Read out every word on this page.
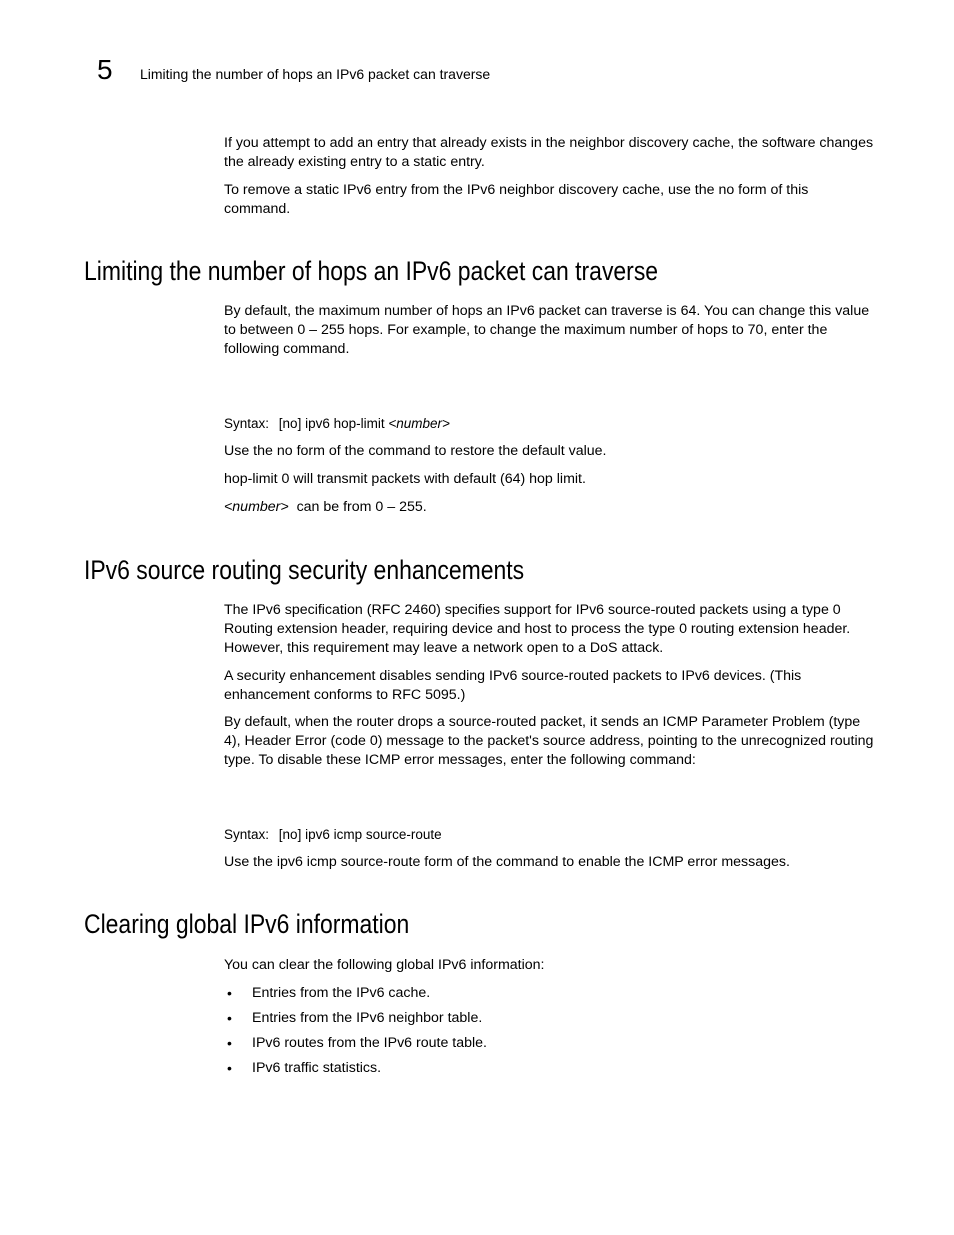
5 Limiting the number of hops an IPv6 packet can traverse

If you attempt to add an entry that already exists in the neighbor discovery cache, the software changes the already existing entry to a static entry.

To remove a static IPv6 entry from the IPv6 neighbor discovery cache, use the no form of this command.

Limiting the number of hops an IPv6 packet can traverse

By default, the maximum number of hops an IPv6 packet can traverse is 64. You can change this value to between 0 – 255 hops. For example, to change the maximum number of hops to 70, enter the following command.

Syntax: [no] ipv6 hop-limit <number>

Use the no form of the command to restore the default value.

hop-limit 0 will transmit packets with default (64) hop limit.

<number>  can be from 0 – 255.

IPv6 source routing security enhancements

The IPv6 specification (RFC 2460) specifies support for IPv6 source-routed packets using a type 0 Routing extension header, requiring device and host to process the type 0 routing extension header. However, this requirement may leave a network open to a DoS attack.

A security enhancement disables sending IPv6 source-routed packets to IPv6 devices. (This enhancement conforms to RFC 5095.)

By default, when the router drops a source-routed packet, it sends an ICMP Parameter Problem (type 4), Header Error (code 0) message to the packet's source address, pointing to the unrecognized routing type. To disable these ICMP error messages, enter the following command:

Syntax: [no] ipv6 icmp source-route

Use the ipv6 icmp source-route form of the command to enable the ICMP error messages.

Clearing global IPv6 information

You can clear the following global IPv6 information:

• Entries from the IPv6 cache.
• Entries from the IPv6 neighbor table.
• IPv6 routes from the IPv6 route table.
• IPv6 traffic statistics.
